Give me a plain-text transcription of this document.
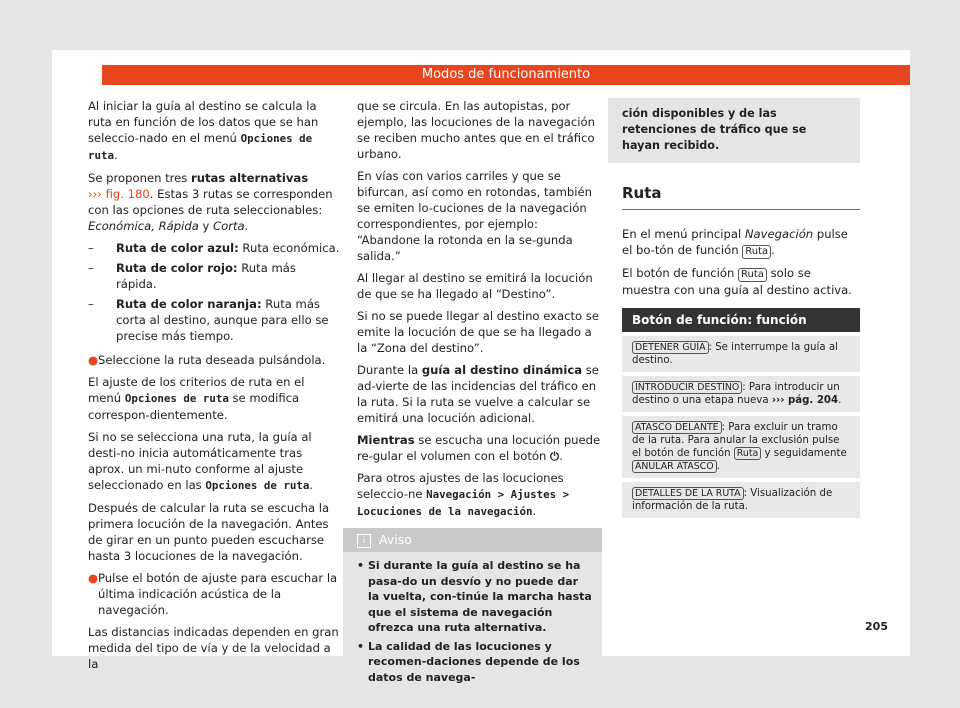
Modos de funcionamiento

Al iniciar la guía al destino se calcula la ruta en función de los datos que se han seleccio-nado en el menú Opciones de ruta.

Se proponen tres rutas alternativas
››› fig. 180. Estas 3 rutas se corresponden con las opciones de ruta seleccionables: Económica, Rápida y Corta.

–	Ruta de color azul: Ruta económica.
–	Ruta de color rojo: Ruta más rápida.
–	Ruta de color naranja: Ruta más corta al destino, aunque para ello se precise más tiempo.
● Seleccione la ruta deseada pulsándola.

El ajuste de los criterios de ruta en el menú Opciones de ruta se modifica correspon-dientemente.

Si no se selecciona una ruta, la guía al desti-no inicia automáticamente tras aprox. un mi-nuto conforme al ajuste seleccionado en las Opciones de ruta.

Después de calcular la ruta se escucha la primera locución de la navegación. Antes de girar en un punto pueden escucharse hasta 3 locuciones de la navegación.

● Pulse el botón de ajuste para escuchar la última indicación acústica de la navegación.

Las distancias indicadas dependen en gran medida del tipo de vía y de la velocidad a la

que se circula. En las autopistas, por ejemplo, las locuciones de la navegación se reciben mucho antes que en el tráfico urbano.

En vías con varios carriles y que se bifurcan, así como en rotondas, también se emiten lo-cuciones de la navegación correspondientes, por ejemplo: “Abandone la rotonda en la se-gunda salida.”

Al llegar al destino se emitirá la locución de que se ha llegado al “Destino”.

Si no se puede llegar al destino exacto se emite la locución de que se ha llegado a la “Zona del destino”.

Durante la guía al destino dinámica se ad-vierte de las incidencias del tráfico en la ruta. Si la ruta se vuelve a calcular se emitirá una locución adicional.

Mientras se escucha una locución puede re-gular el volumen con el botón ⏻.

Para otros ajustes de las locuciones seleccio-ne Navegación > Ajustes > Locuciones de la navegación.

i Aviso
• Si durante la guía al destino se ha pasa-do un desvío y no puede dar la vuelta, con-tinúe la marcha hasta que el sistema de navegación ofrezca una ruta alternativa.
• La calidad de las locuciones y recomen-daciones depende de los datos de navega-
ción disponibles y de las retenciones de tráfico que se hayan recibido.
Ruta

En el menú principal Navegación pulse el bo-tón de función Ruta .

El botón de función Ruta solo se muestra con una guía al destino activa.

Botón de función: función
DETENER GUÍA : Se interrumpe la guía al destino.
INTRODUCIR DESTINO : Para introducir un destino o una etapa nueva ››› pág. 204.
ATASCO DELANTE : Para excluir un tramo de la ruta. Para anular la exclusión pulse el botón de función Ruta y seguidamente ANULAR ATASCO .
DETALLES DE LA RUTA : Visualización de información de la ruta.
205
